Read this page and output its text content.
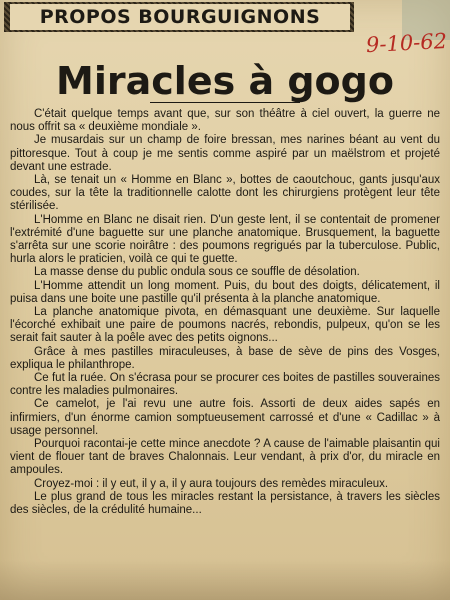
PROPOS BOURGUIGNONS
9-10-62
Miracles à gogo

C'était quelque temps avant que, sur son théâtre à ciel ouvert, la guerre ne nous offrit sa « deuxième mondiale ».

Je musardais sur un champ de foire bressan, mes narines béant au vent du pittoresque. Tout à coup je me sentis comme aspiré par un maëlstrom et projeté devant une estrade.

Là, se tenait un « Homme en Blanc », bottes de caoutchouc, gants jusqu'aux coudes, sur la tête la traditionnelle calotte dont les chirurgiens protègent leur tête stérilisée.

L'Homme en Blanc ne disait rien. D'un geste lent, il se contentait de promener l'extrémité d'une baguette sur une planche anatomique. Brusquement, la baguette s'arrêta sur une scorie noirâtre : des poumons regrigués par la tuberculose. Public, hurla alors le praticien, voilà ce qui te guette.

La masse dense du public ondula sous ce souffle de désolation.

L'Homme attendit un long moment. Puis, du bout des doigts, délicatement, il puisa dans une boite une pastille qu'il présenta à la planche anatomique.

La planche anatomique pivota, en démasquant une deuxième. Sur laquelle l'écorché exhibait une paire de poumons nacrés, rebondis, pulpeux, qu'on se les serait fait sauter à la poêle avec des petits oignons...

Grâce à mes pastilles miraculeuses, à base de sève de pins des Vosges, expliqua le philanthrope.

Ce fut la ruée. On s'écrasa pour se procurer ces boites de pastilles souveraines contre les maladies pulmonaires.

Ce camelot, je l'ai revu une autre fois. Assorti de deux aides sapés en infirmiers, d'un énorme camion somptueusement carrossé et d'une « Cadillac » à usage personnel.

Pourquoi racontai-je cette mince anecdote ? A cause de l'aimable plaisantin qui vient de flouer tant de braves Chalonnais. Leur vendant, à prix d'or, du miracle en ampoules.

Croyez-moi : il y eut, il y a, il y aura toujours des remèdes miraculeux.

Le plus grand de tous les miracles restant la persistance, à travers les siècles des siècles, de la crédulité humaine...
